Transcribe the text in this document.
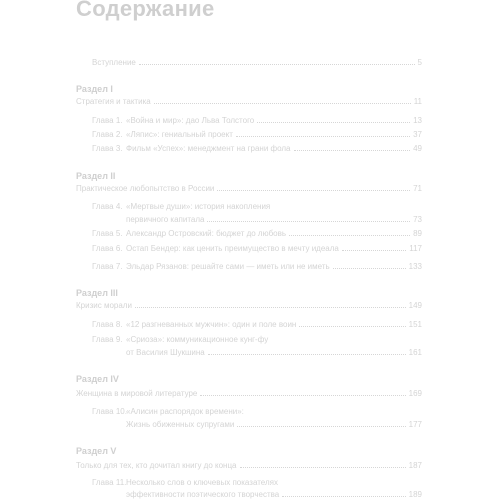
Содержание
Вступление	5
Раздел I
Стратегия и тактика	11
Глава 1. «Война и мир»: дао Льва Толстого	13
Глава 2. «Ляпис»: гениальный проект	37
Глава 3. Фильм «Успех»: менеджмент на грани фола	49
Раздел II
Практическое любопытство в России	71
Глава 4. «Мертвые души»: история накопления
первичного капитала	73
Глава 5. Александр Островский: бюджет до любовь	89
Глава 6. Остап Бендер: как ценить преимущество в мечту идеала	117
Глава 7. Эльдар Рязанов: решайте сами — иметь или не иметь	133
Раздел III
Кризис морали	149
Глава 8. «12 разгневанных мужчин»: один и поле воин	151
Глава 9. «Сриоза»: коммуникационное кунг-фу
от Василия Шукшина	161
Раздел IV
Женщина в мировой литературе	169
Глава 10. «Алисин распорядок времени»:
Жизнь обиженных супругами	177
Раздел V
Только для тех, кто дочитал книгу до конца	187
Глава 11. Несколько слов о ключевых показателях
эффективности поэтического творчества	189
